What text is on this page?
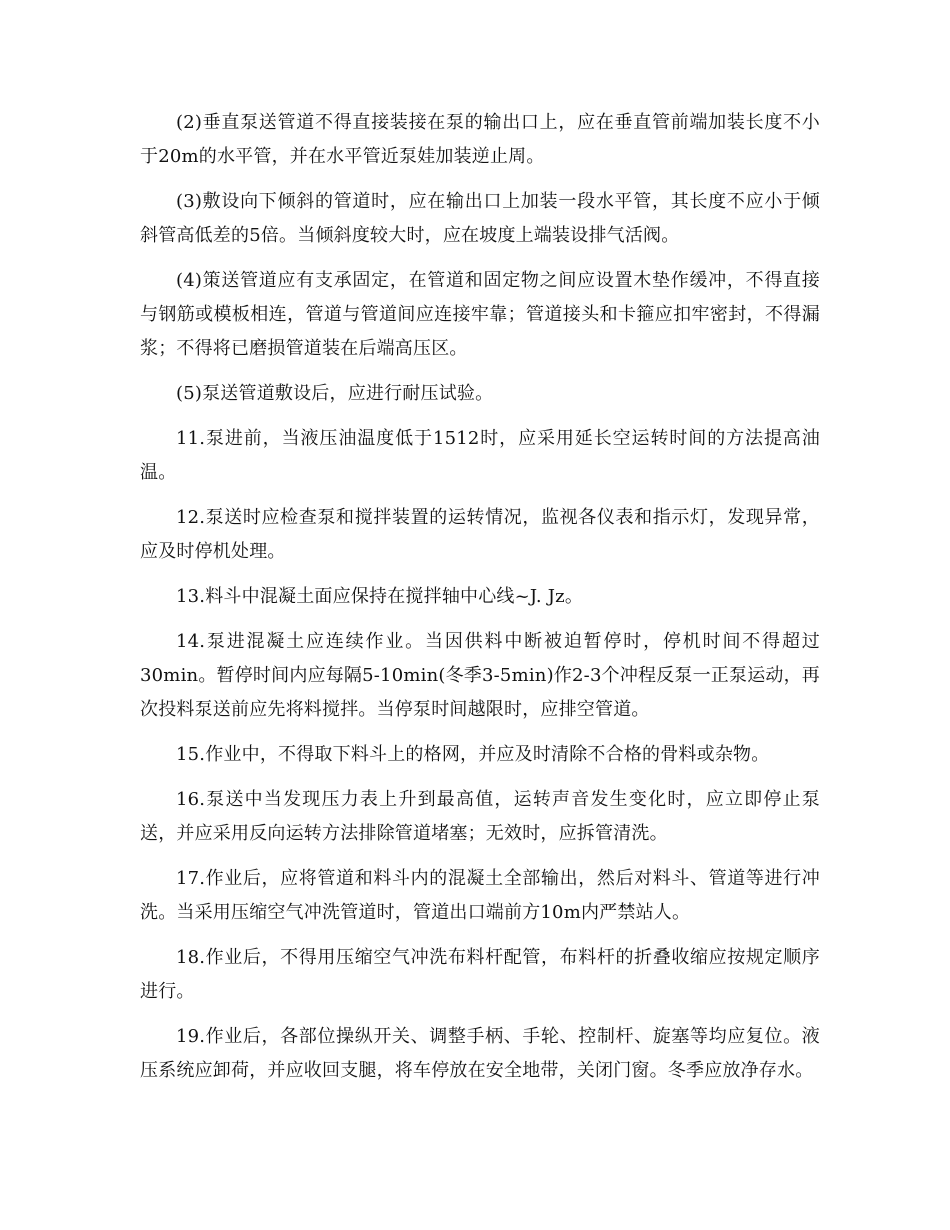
(2)垂直泵送管道不得直接装接在泵的输出口上，应在垂直管前端加装长度不小于20m的水平管，并在水平管近泵娃加装逆止周。

(3)敷设向下倾斜的管道时，应在输出口上加装一段水平管，其长度不应小于倾斜管高低差的5倍。当倾斜度较大时，应在坡度上端装设排气活阀。

(4)策送管道应有支承固定，在管道和固定物之间应设置木垫作缓冲，不得直接与钢筋或模板相连，管道与管道间应连接牢靠；管道接头和卡箍应扣牢密封，不得漏浆；不得将已磨损管道装在后端高压区。

(5)泵送管道敷设后，应进行耐压试验。

11.泵进前，当液压油温度低于1512时，应采用延长空运转时间的方法提高油温。

12.泵送时应检查泵和搅拌装置的运转情况，监视各仪表和指示灯，发现异常，应及时停机处理。

13.料斗中混凝土面应保持在搅拌轴中心线~J. Jz。

14.泵进混凝土应连续作业。当因供料中断被迫暂停时，停机时间不得超过30min。暂停时间内应每隔5-10min(冬季3-5min)作2-3个冲程反泵一正泵运动，再次投料泵送前应先将料搅拌。当停泵时间越限时，应排空管道。

15.作业中，不得取下料斗上的格网，并应及时清除不合格的骨料或杂物。

16.泵送中当发现压力表上升到最高值，运转声音发生变化时，应立即停止泵送，并应采用反向运转方法排除管道堵塞；无效时，应拆管清洗。

17.作业后，应将管道和料斗内的混凝土全部输出，然后对料斗、管道等进行冲洗。当采用压缩空气冲洗管道时，管道出口端前方10m内严禁站人。

18.作业后，不得用压缩空气冲洗布料杆配管，布料杆的折叠收缩应按规定顺序进行。

19.作业后，各部位操纵开关、调整手柄、手轮、控制杆、旋塞等均应复位。液压系统应卸荷，并应收回支腿，将车停放在安全地带，关闭门窗。冬季应放净存水。
